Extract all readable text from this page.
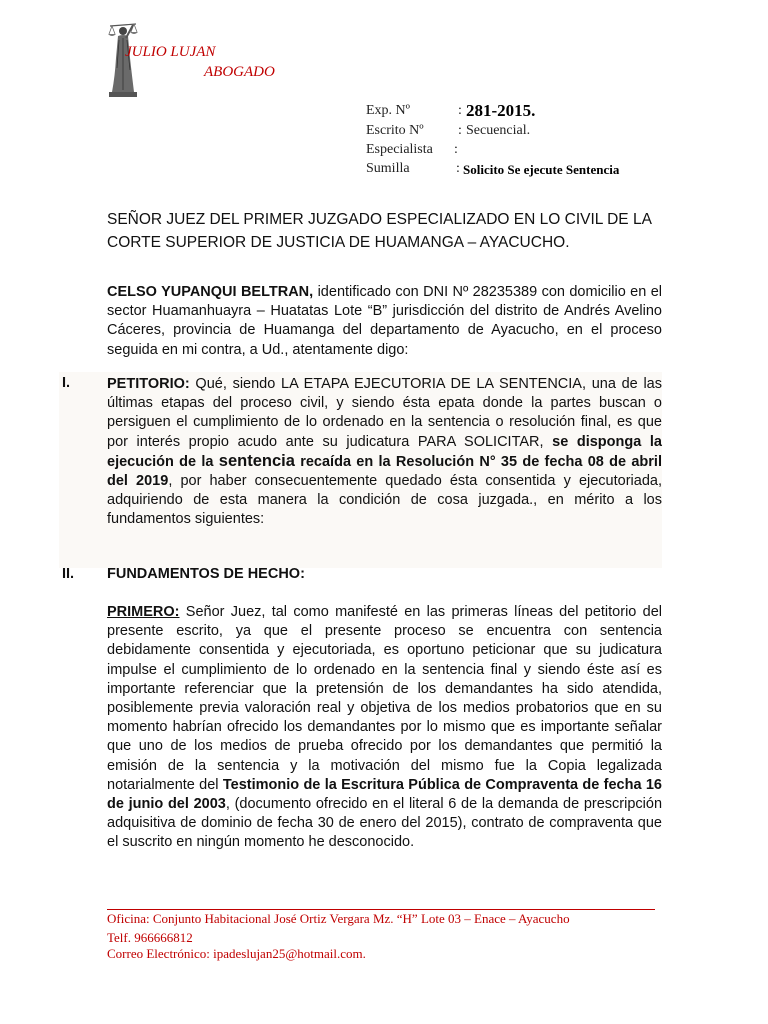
JULIO LUJAN
ABOGADO
Exp. Nº	: 281-2015.
Escrito Nº : Secuencial.
Especialista :
Sumilla	: Solicito Se ejecute Sentencia
SEÑOR JUEZ DEL PRIMER JUZGADO ESPECIALIZADO EN LO CIVIL DE LA
CORTE SUPERIOR DE JUSTICIA DE HUAMANGA – AYACUCHO.
CELSO YUPANQUI BELTRAN, identificado con DNI Nº 28235389 con domicilio en el sector Huamanhuayra – Huatatas Lote “B” jurisdicción del distrito de Andrés Avelino Cáceres, provincia de Huamanga del departamento de Ayacucho, en el proceso seguida en mi contra, a Ud., atentamente digo:
I.	PETITORIO: Qué, siendo LA ETAPA EJECUTORIA DE LA SENTENCIA, una de las últimas etapas del proceso civil, y siendo ésta epata donde la partes buscan o persiguen el cumplimiento de lo ordenado en la sentencia o resolución final, es que por interés propio acudo ante su judicatura PARA SOLICITAR, se disponga la ejecución de la sentencia recaída en la Resolución N° 35 de fecha 08 de abril del 2019, por haber consecuentemente quedado ésta consentida y ejecutoriada, adquiriendo de esta manera la condición de cosa juzgada., en mérito a los fundamentos siguientes:
II. FUNDAMENTOS DE HECHO:
PRIMERO: Señor Juez, tal como manifesté en las primeras líneas del petitorio del presente escrito, ya que el presente proceso se encuentra con sentencia debidamente consentida y ejecutoriada, es oportuno peticionar que su judicatura impulse el cumplimiento de lo ordenado en la sentencia final y siendo éste así es importante referenciar que la pretensión de los demandantes ha sido atendida, posiblemente previa valoración real y objetiva de los medios probatorios que en su momento habrían ofrecido los demandantes por lo mismo que es importante señalar que uno de los medios de prueba ofrecido por los demandantes que permitió la emisión de la sentencia y la motivación del mismo fue la Copia legalizada notarialmente del Testimonio de la Escritura Pública de Compraventa de fecha 16 de junio del 2003, (documento ofrecido en el literal 6 de la demanda de prescripción adquisitiva de dominio de fecha 30 de enero del 2015), contrato de compraventa que el suscrito en ningún momento he desconocido.
Oficina: Conjunto Habitacional José Ortiz Vergara Mz. “H” Lote 03 – Enace – Ayacucho
Telf. 966666812
Correo Electrónico: ipadeslujan25@hotmail.com.
